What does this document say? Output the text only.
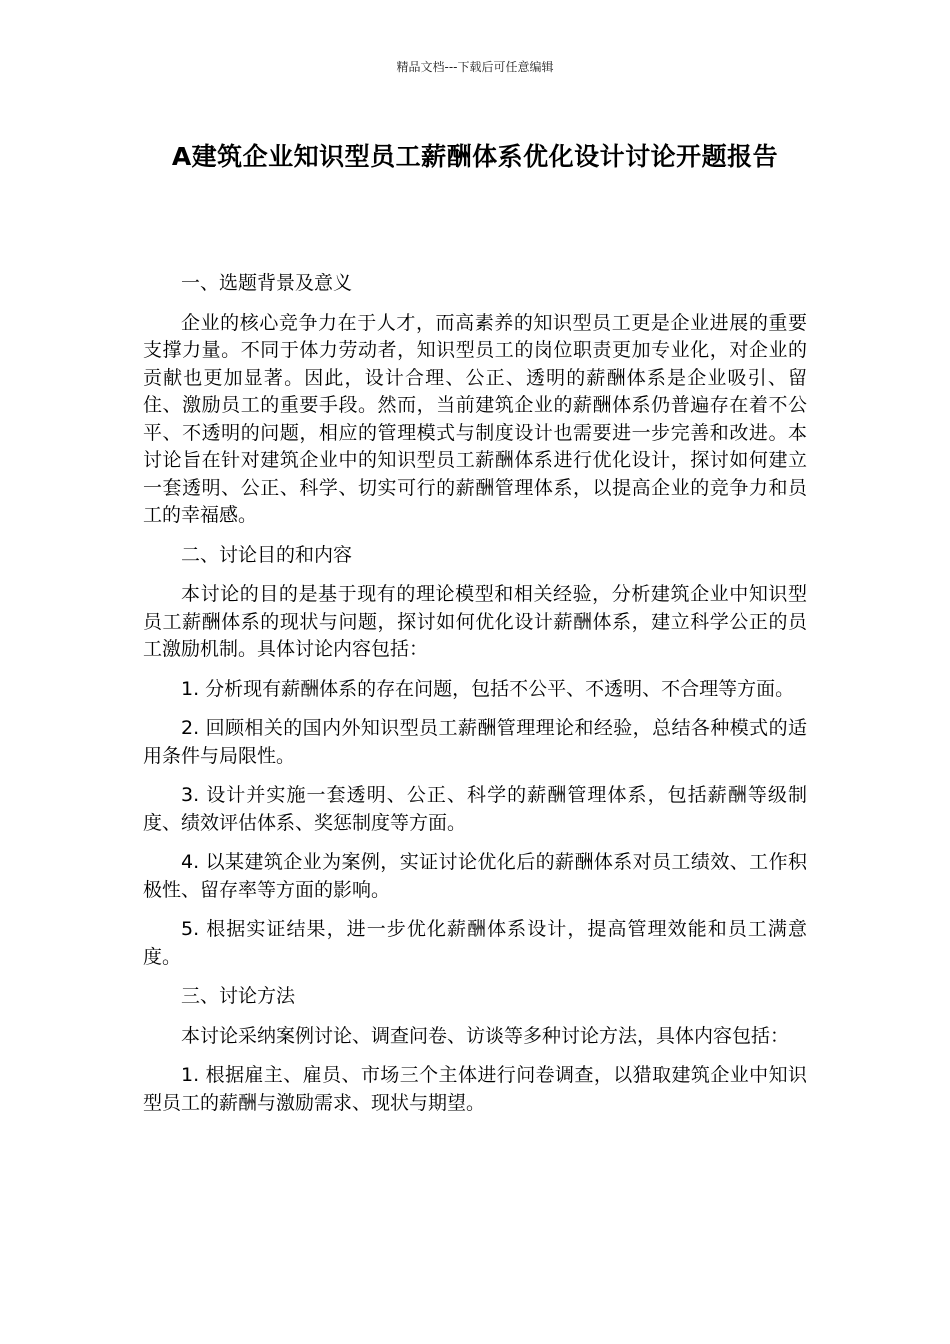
精品文档---下载后可任意编辑
A建筑企业知识型员工薪酬体系优化设计讨论开题报告
一、选题背景及意义
企业的核心竞争力在于人才，而高素养的知识型员工更是企业进展的重要支撑力量。不同于体力劳动者，知识型员工的岗位职责更加专业化，对企业的贡献也更加显著。因此，设计合理、公正、透明的薪酬体系是企业吸引、留住、激励员工的重要手段。然而，当前建筑企业的薪酬体系仍普遍存在着不公平、不透明的问题，相应的管理模式与制度设计也需要进一步完善和改进。本讨论旨在针对建筑企业中的知识型员工薪酬体系进行优化设计，探讨如何建立一套透明、公正、科学、切实可行的薪酬管理体系，以提高企业的竞争力和员工的幸福感。
二、讨论目的和内容
本讨论的目的是基于现有的理论模型和相关经验，分析建筑企业中知识型员工薪酬体系的现状与问题，探讨如何优化设计薪酬体系，建立科学公正的员工激励机制。具体讨论内容包括：
1. 分析现有薪酬体系的存在问题，包括不公平、不透明、不合理等方面。
2. 回顾相关的国内外知识型员工薪酬管理理论和经验，总结各种模式的适用条件与局限性。
3. 设计并实施一套透明、公正、科学的薪酬管理体系，包括薪酬等级制度、绩效评估体系、奖惩制度等方面。
4. 以某建筑企业为案例，实证讨论优化后的薪酬体系对员工绩效、工作积极性、留存率等方面的影响。
5. 根据实证结果，进一步优化薪酬体系设计，提高管理效能和员工满意度。
三、讨论方法
本讨论采纳案例讨论、调查问卷、访谈等多种讨论方法，具体内容包括：
1. 根据雇主、雇员、市场三个主体进行问卷调查，以猎取建筑企业中知识型员工的薪酬与激励需求、现状与期望。
